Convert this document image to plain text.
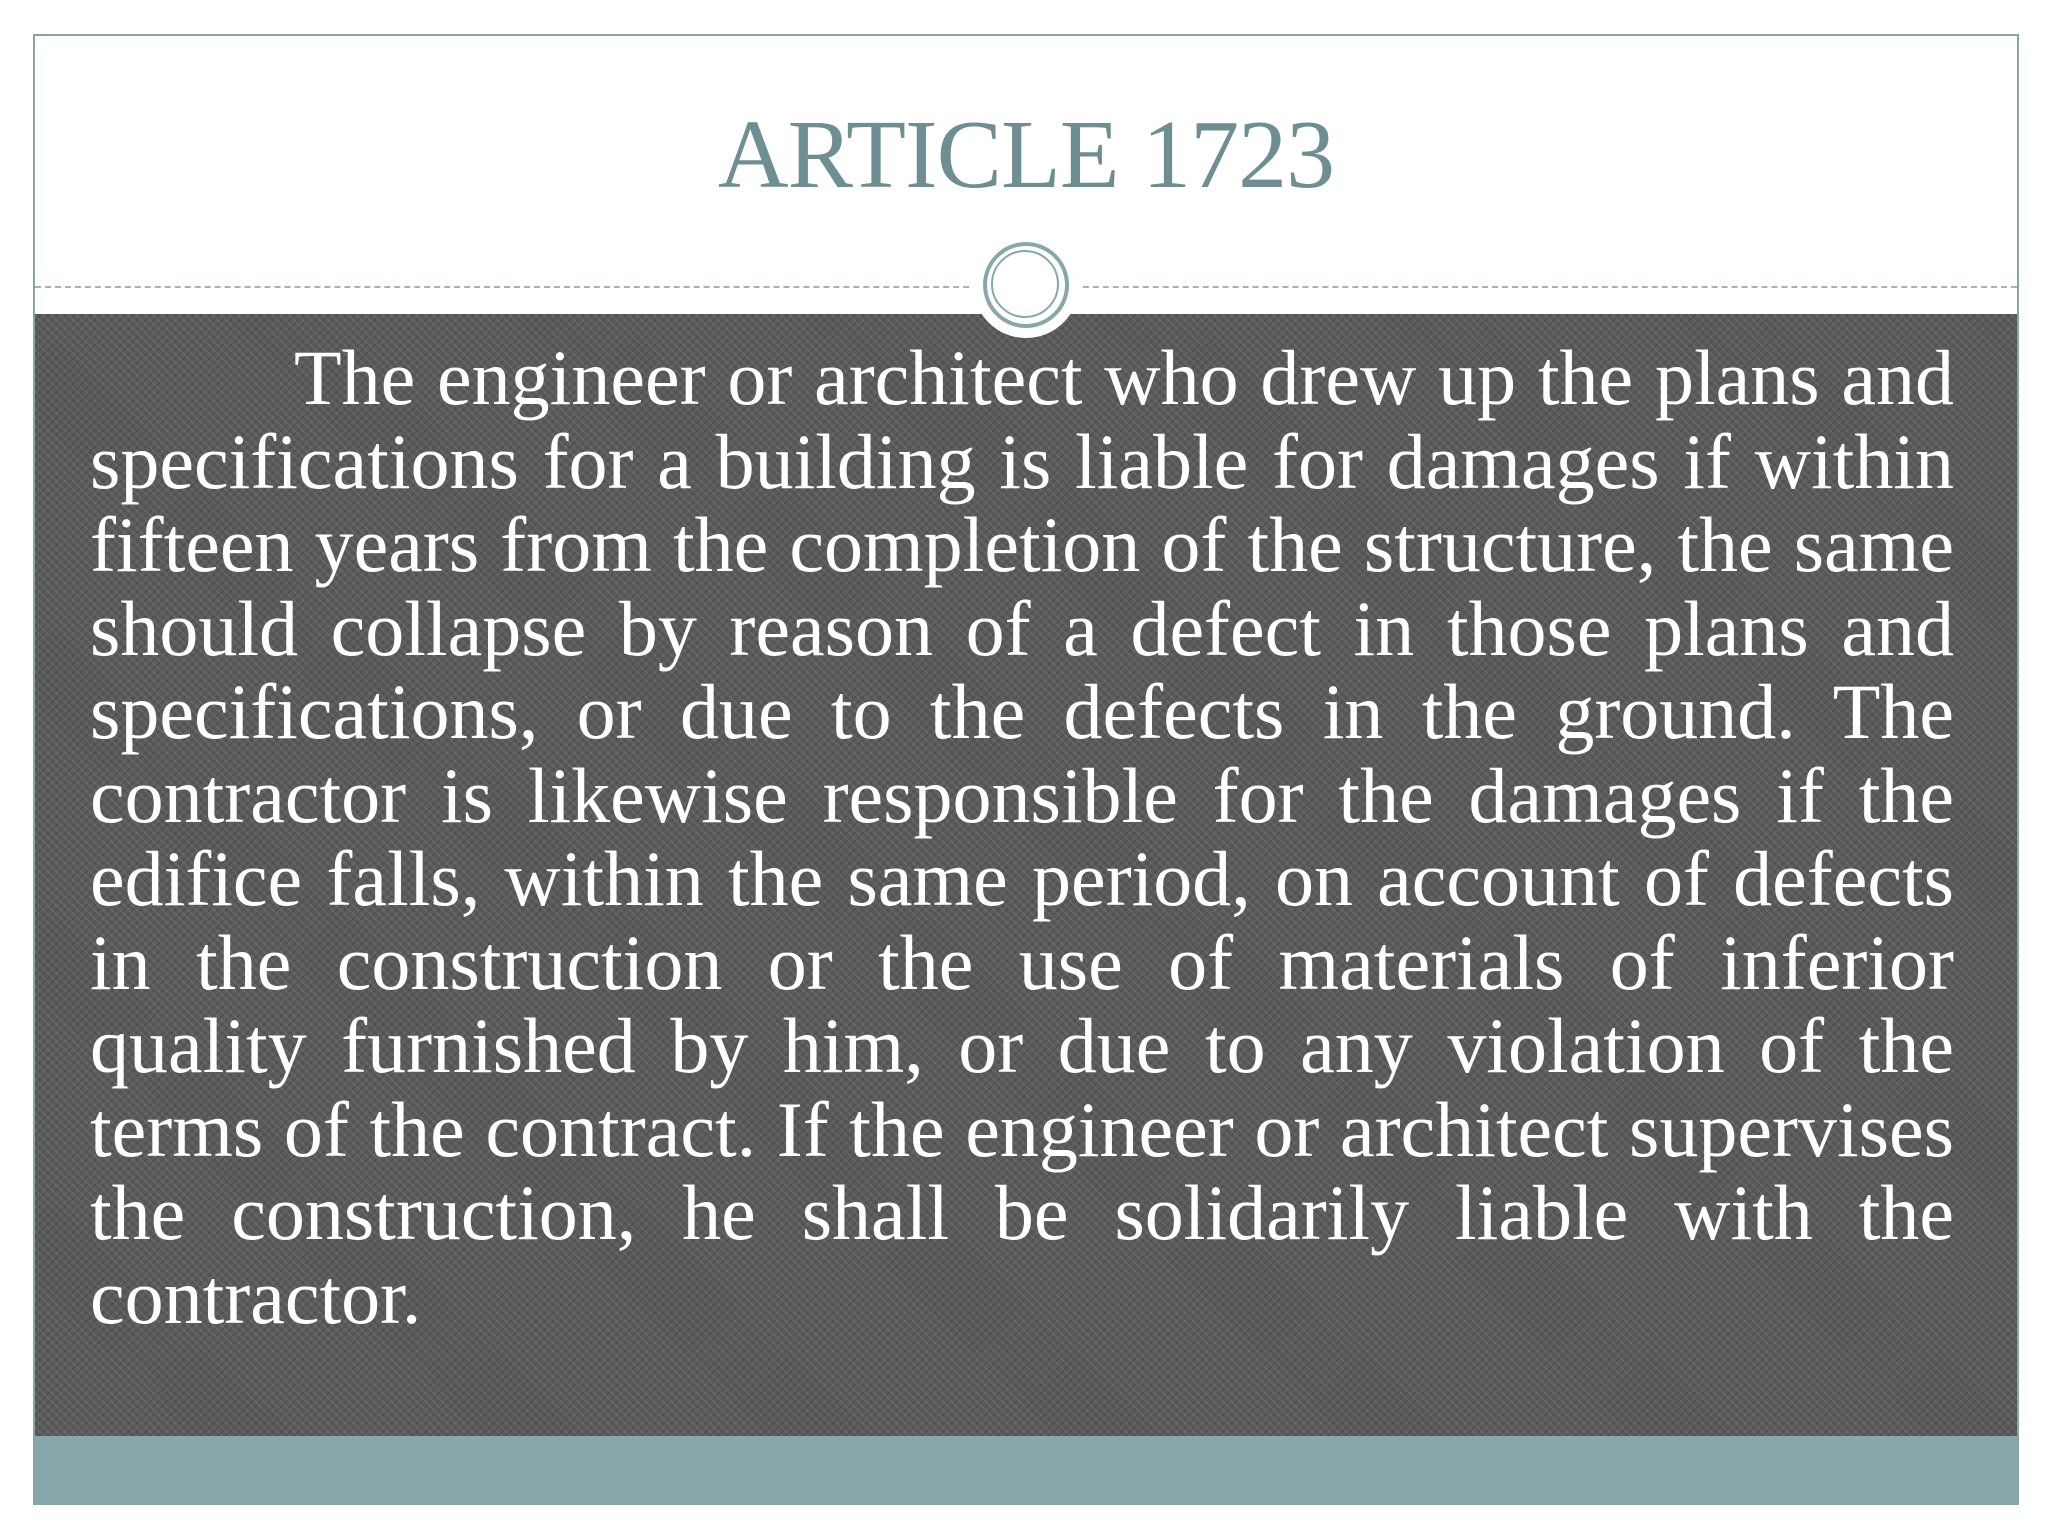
ARTICLE 1723

The engineer or architect who drew up the plans and specifications for a building is liable for damages if within fifteen years from the completion of the structure, the same should collapse by reason of a defect in those plans and specifications, or due to the defects in the ground. The contractor is likewise responsible for the damages if the edifice falls, within the same period, on account of defects in the construction or the use of materials of inferior quality furnished by him, or due to any violation of the terms of the contract. If the engineer or architect supervises the construction, he shall be solidarily liable with the contractor.
